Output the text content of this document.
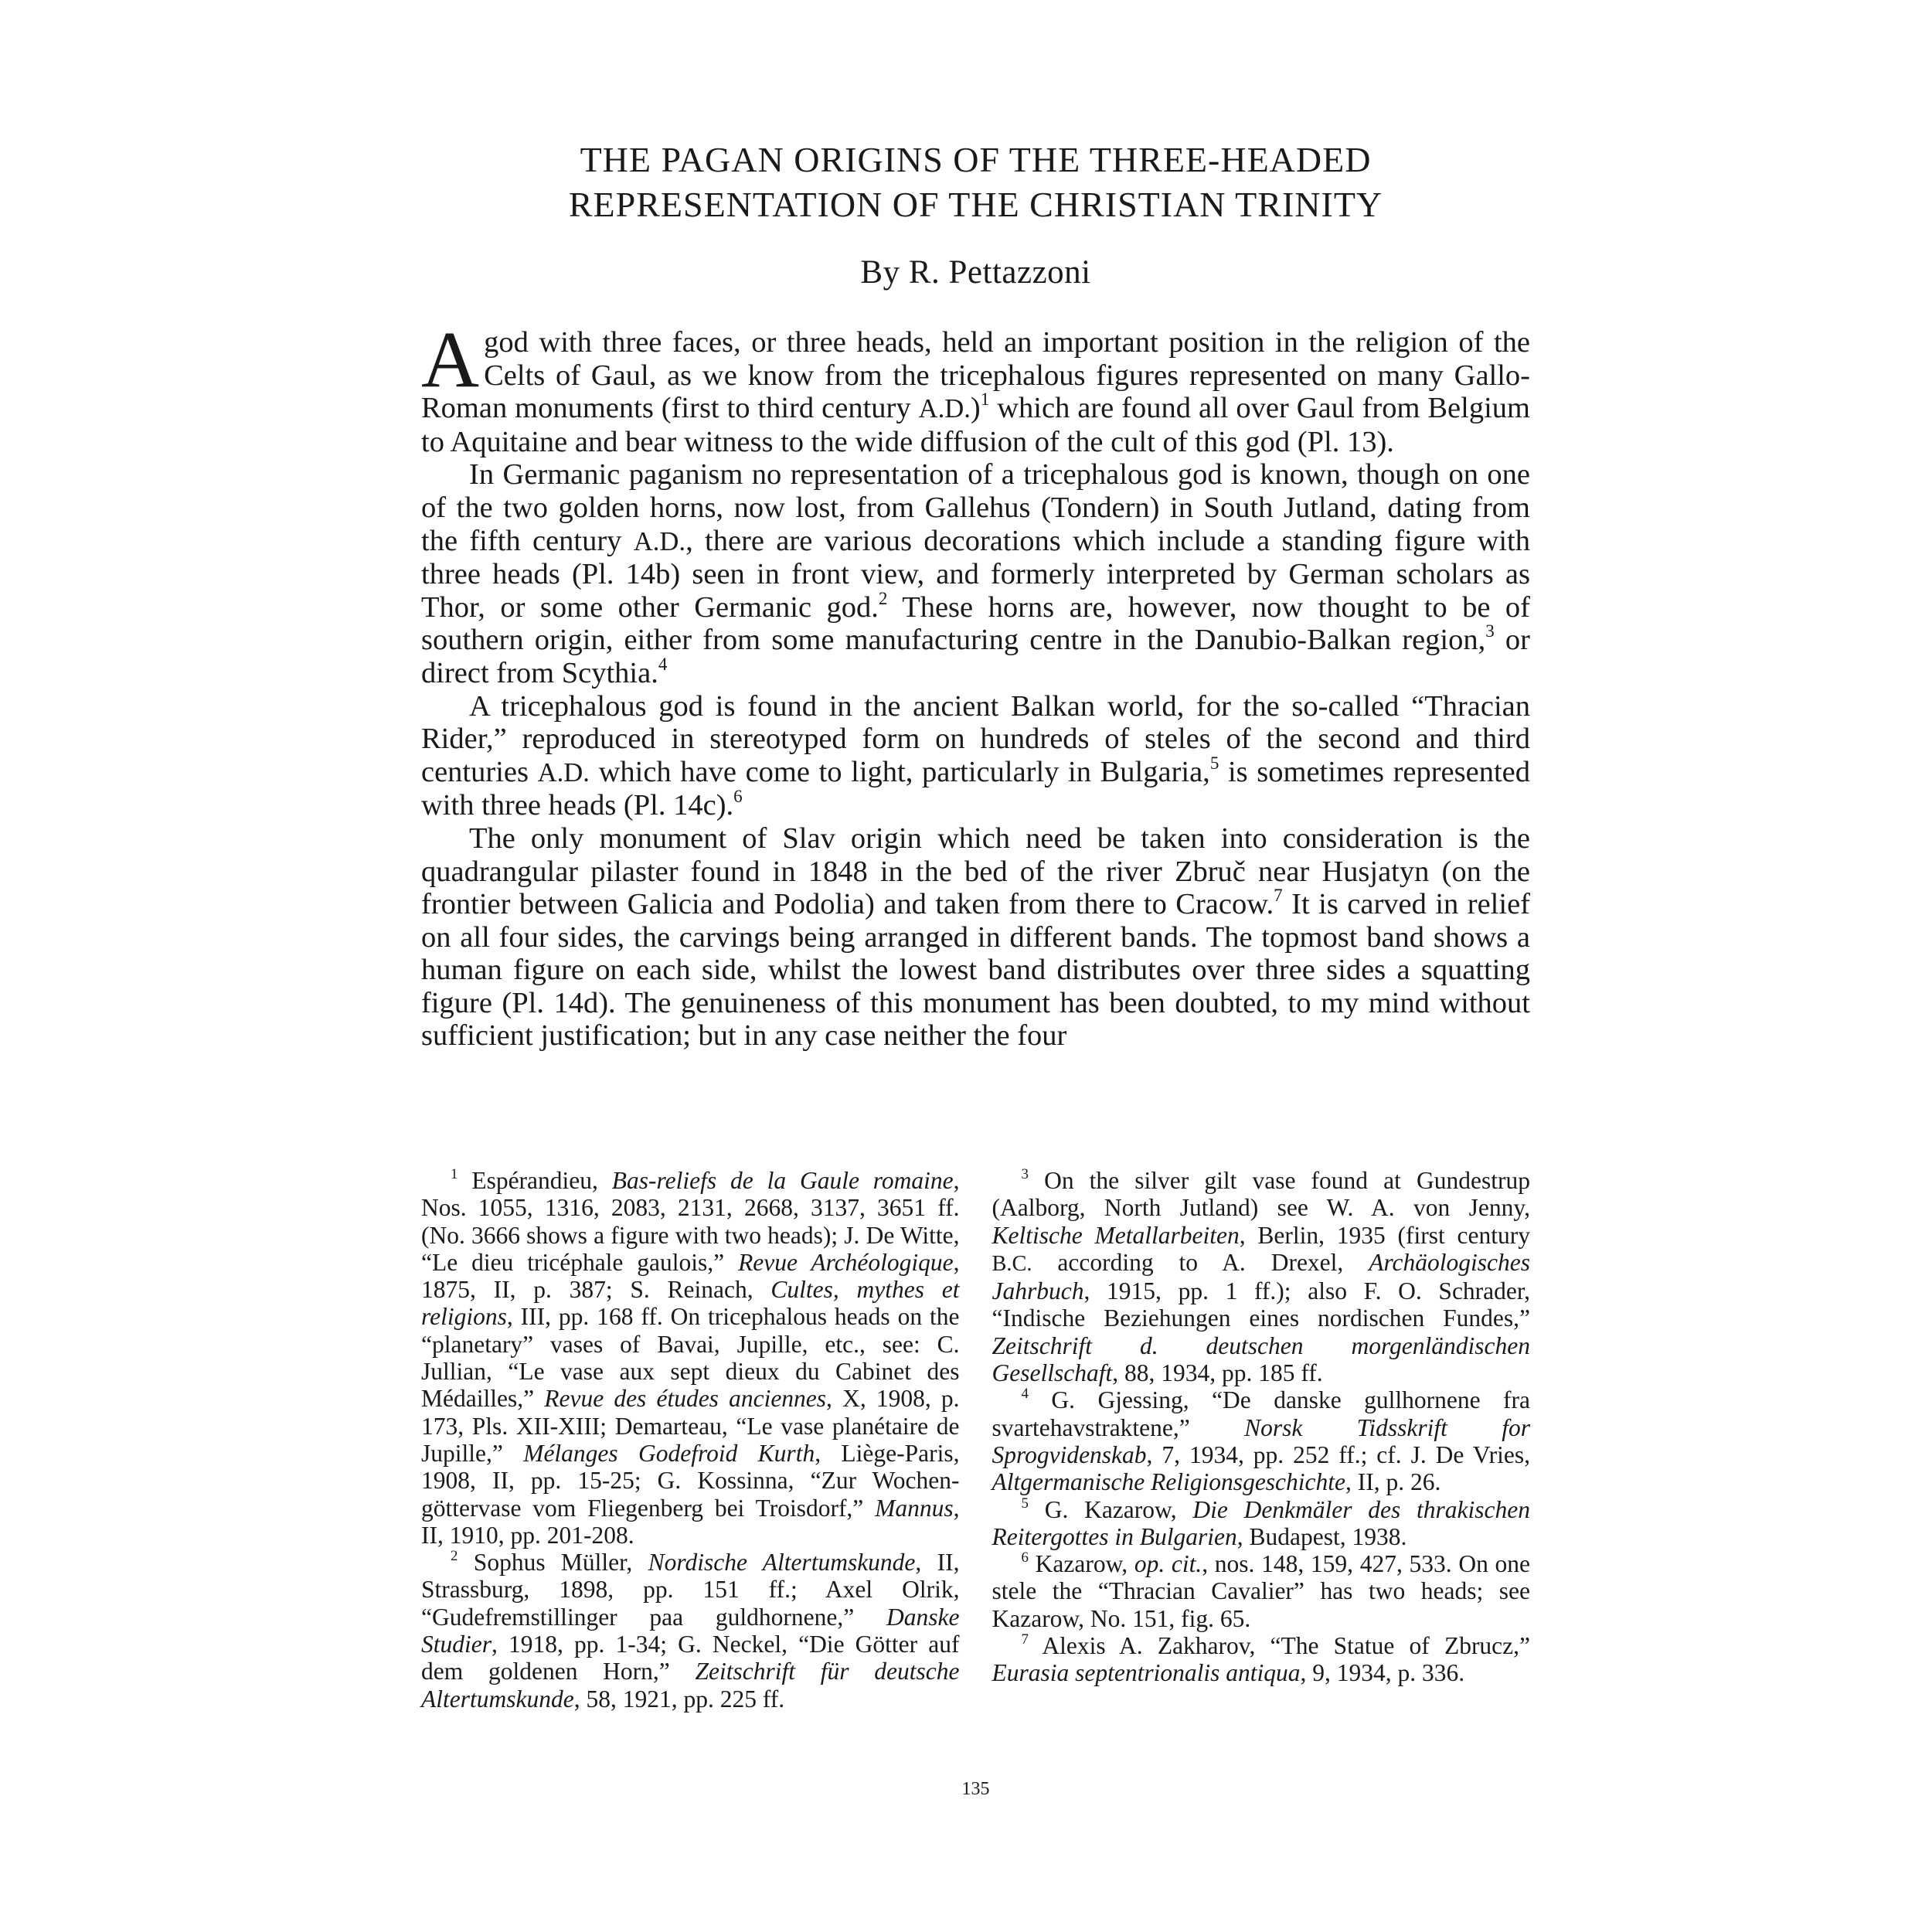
THE PAGAN ORIGINS OF THE THREE-HEADED
REPRESENTATION OF THE CHRISTIAN TRINITY
By R. Pettazzoni

A god with three faces, or three heads, held an important position in the religion of the Celts of Gaul, as we know from the tricephalous figures represented on many Gallo-Roman monuments (first to third century A.D.)$^1$ which are found all over Gaul from Belgium to Aquitaine and bear witness to the wide diffusion of the cult of this god (Pl. 13).

In Germanic paganism no representation of a tricephalous god is known, though on one of the two golden horns, now lost, from Gallehus (Tondern) in South Jutland, dating from the fifth century A.D., there are various decorations which include a standing figure with three heads (Pl. 14b) seen in front view, and formerly interpreted by German scholars as Thor, or some other Germanic god.$^2$ These horns are, however, now thought to be of southern origin, either from some manufacturing centre in the Danubio-Balkan region,$^3$ or direct from Scythia.$^4$

A tricephalous god is found in the ancient Balkan world, for the so-called “Thracian Rider,” reproduced in stereotyped form on hundreds of steles of the second and third centuries A.D. which have come to light, particularly in Bulgaria,$^5$ is sometimes represented with three heads (Pl. 14c).$^6$

The only monument of Slav origin which need be taken into consideration is the quadrangular pilaster found in 1848 in the bed of the river Zbruč near Husjatyn (on the frontier between Galicia and Podolia) and taken from there to Cracow.$^7$ It is carved in relief on all four sides, the carvings being arranged in different bands. The topmost band shows a human figure on each side, whilst the lowest band distributes over three sides a squatting figure (Pl. 14d). The genuineness of this monument has been doubted, to my mind without sufficient justification; but in any case neither the four

$^1$ Espérandieu, Bas-reliefs de la Gaule romaine, Nos. 1055, 1316, 2083, 2131, 2668, 3137, 3651 ff. (No. 3666 shows a figure with two heads); J. De Witte, “Le dieu tricéphale gaulois,” Revue Archéologique, 1875, II, p. 387; S. Reinach, Cultes, mythes et religions, III, pp. 168 ff. On tricephalous heads on the “planetary” vases of Bavai, Jupille, etc., see: C. Jullian, “Le vase aux sept dieux du Cabinet des Médailles,” Revue des études anciennes, X, 1908, p. 173, Pls. XII-XIII; Demarteau, “Le vase planétaire de Jupille,” Mélanges Godefroid Kurth, Liège-Paris, 1908, II, pp. 15-25; G. Kossinna, “Zur Wochen-göttervase vom Fliegenberg bei Troisdorf,” Mannus, II, 1910, pp. 201-208.

$^2$ Sophus Müller, Nordische Altertumskunde, II, Strassburg, 1898, pp. 151 ff.; Axel Olrik, “Gudefremstillinger paa guldhornene,” Danske Studier, 1918, pp. 1-34; G. Neckel, “Die Götter auf dem goldenen Horn,” Zeitschrift für deutsche Altertumskunde, 58, 1921, pp. 225 ff.

$^3$ On the silver gilt vase found at Gundestrup (Aalborg, North Jutland) see W. A. von Jenny, Keltische Metallarbeiten, Berlin, 1935 (first century B.C. according to A. Drexel, Archäologisches Jahrbuch, 1915, pp. 1 ff.); also F. O. Schrader, “Indische Beziehungen eines nordischen Fundes,” Zeitschrift d. deutschen morgenländischen Gesellschaft, 88, 1934, pp. 185 ff.

$^4$ G. Gjessing, “De danske gullhornene fra svartehavstraktene,” Norsk Tidsskrift for Sprogvidenskab, 7, 1934, pp. 252 ff.; cf. J. De Vries, Altgermanische Religionsgeschichte, II, p. 26.

$^5$ G. Kazarow, Die Denkmäler des thrakischen Reitergottes in Bulgarien, Budapest, 1938.

$^6$ Kazarow, op. cit., nos. 148, 159, 427, 533. On one stele the “Thracian Cavalier” has two heads; see Kazarow, No. 151, fig. 65.

$^7$ Alexis A. Zakharov, “The Statue of Zbrucz,” Eurasia septentrionalis antiqua, 9, 1934, p. 336.

135
